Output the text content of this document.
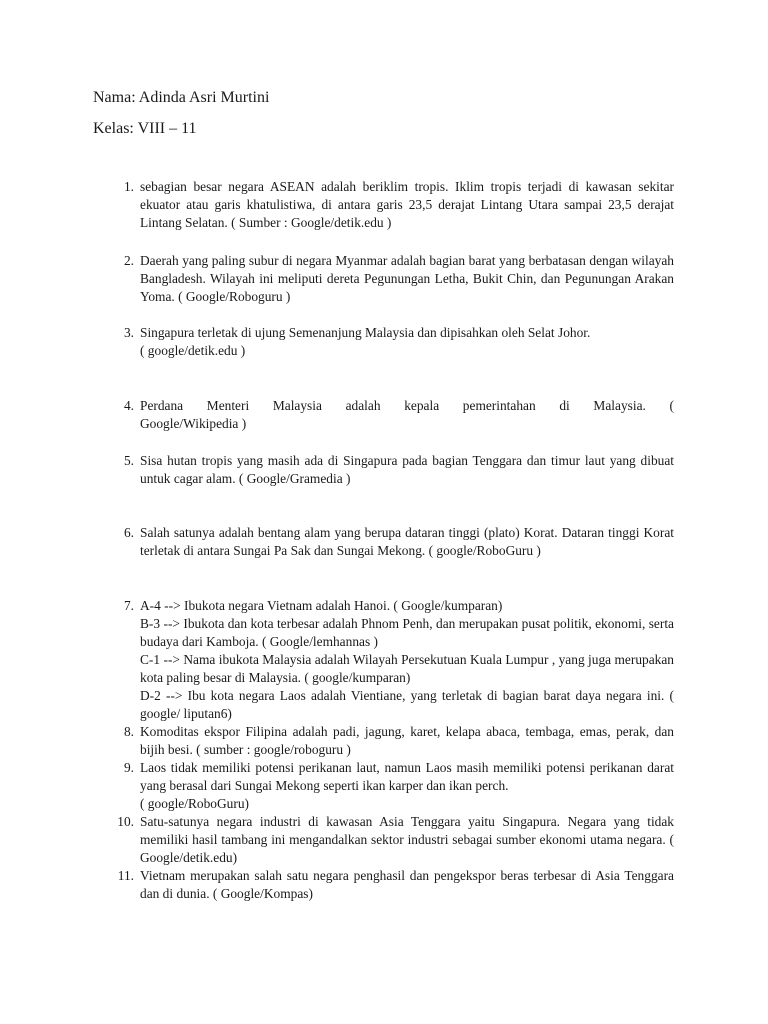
Nama: Adinda Asri Murtini
Kelas: VIII – 11
1. sebagian besar negara ASEAN adalah beriklim tropis. Iklim tropis terjadi di kawasan sekitar ekuator atau garis khatulistiwa, di antara garis 23,5 derajat Lintang Utara sampai 23,5 derajat Lintang Selatan. ( Sumber : Google/detik.edu )

2. Daerah yang paling subur di negara Myanmar adalah bagian barat yang berbatasan dengan wilayah Bangladesh. Wilayah ini meliputi dereta Pegunungan Letha, Bukit Chin, dan Pegunungan Arakan Yoma. ( Google/Roboguru )

3. Singapura terletak di ujung Semenanjung Malaysia dan dipisahkan oleh Selat Johor.

( google/detik.edu )

4. Perdana Menteri Malaysia adalah kepala pemerintahan di Malaysia. (

Google/Wikipedia )

5. Sisa hutan tropis yang masih ada di Singapura pada bagian Tenggara dan timur laut yang dibuat untuk cagar alam. ( Google/Gramedia )

6. Salah satunya adalah bentang alam yang berupa dataran tinggi (plato) Korat. Dataran tinggi Korat terletak di antara Sungai Pa Sak dan Sungai Mekong. ( google/RoboGuru )

7. A-4 --> Ibukota negara Vietnam adalah Hanoi. ( Google/kumparan)

B-3 --> Ibukota dan kota terbesar adalah Phnom Penh, dan merupakan pusat politik, ekonomi, serta budaya dari Kamboja. ( Google/lemhannas )

C-1 --> Nama ibukota Malaysia adalah Wilayah Persekutuan Kuala Lumpur , yang juga merupakan kota paling besar di Malaysia. ( google/kumparan)

D-2 --> Ibu kota negara Laos adalah Vientiane, yang terletak di bagian barat daya negara ini. ( google/ liputan6)

8. Komoditas ekspor Filipina adalah padi, jagung, karet, kelapa abaca, tembaga, emas, perak, dan bijih besi. ( sumber : google/roboguru )

9. Laos tidak memiliki potensi perikanan laut, namun Laos masih memiliki potensi perikanan darat yang berasal dari Sungai Mekong seperti ikan karper dan ikan perch.

( google/RoboGuru)

10. Satu-satunya negara industri di kawasan Asia Tenggara yaitu Singapura. Negara yang tidak memiliki hasil tambang ini mengandalkan sektor industri sebagai sumber ekonomi utama negara. ( Google/detik.edu)

11. Vietnam merupakan salah satu negara penghasil dan pengekspor beras terbesar di Asia Tenggara dan di dunia. ( Google/Kompas)
